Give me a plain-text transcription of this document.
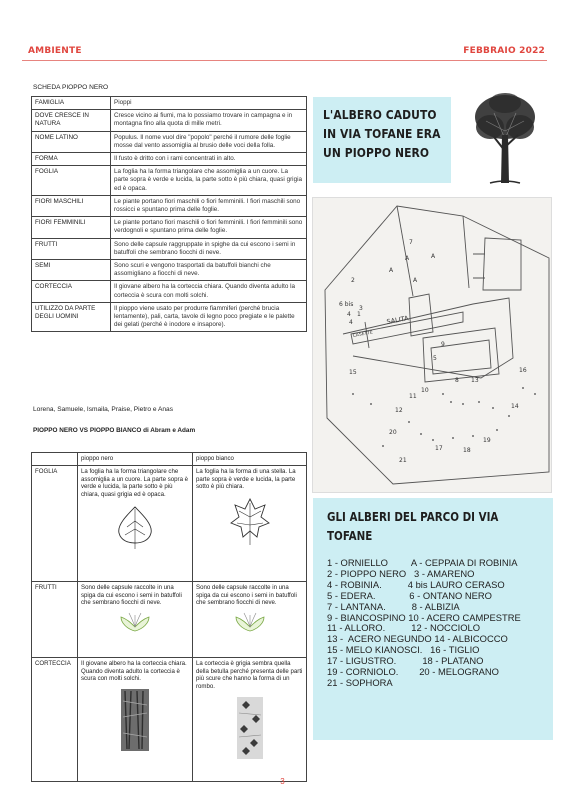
AMBIENTE	FEBBRAIO 2022
SCHEDA PIOPPO NERO
FAMIGLIA	Pioppi
DOVE CRESCE IN NATURA	Cresce vicino ai fiumi, ma lo possiamo trovare in campagna e in montagna fino alla quota di mille metri.
NOME LATINO	Populus. Il nome vuol dire "popolo" perché il rumore delle foglie mosse dal vento assomiglia al brusio delle voci della folla.
FORMA	Il fusto è dritto con i rami concentrati in alto.
FOGLIA	La foglia ha la forma triangolare che assomiglia a un cuore. La parte sopra è verde e lucida, la parte sotto è più chiara, quasi grigia ed è opaca.
FIORI MASCHILI	Le piante portano fiori maschili o fiori femminili. I fiori maschili sono rossicci e spuntano prima delle foglie.
FIORI FEMMINILI	Le piante portano fiori maschili o fiori femminili. I fiori femminili sono verdognoli e spuntano prima delle foglie.
FRUTTI	Sono delle capsule raggruppate in spighe da cui escono i semi in batuffoli che sembrano fiocchi di neve.
SEMI	Sono scuri e vengono trasportati da batuffoli bianchi che assomigliano a fiocchi di neve.
CORTECCIA	Il giovane albero ha la corteccia chiara. Quando diventa adulto la corteccia è scura con molti solchi.
UTILIZZO DA PARTE DEGLI UOMINI	Il pioppo viene usato per produrre fiammiferi (perché brucia lentamente), pali, carta, tavole di legno poco pregiate e le palette dei gelati (perché è inodore e insapore).
Lorena, Samuele, Ismaila, Praise, Pietro e Anas
PIOPPO NERO VS PIOPPO BIANCO di Abram e Adam
	pioppo nero	pioppo bianco
FOGLIA	La foglia ha la forma triangolare che assomiglia a un cuore. La parte sopra è verde e lucida, la parte sotto è più chiara, quasi grigia ed è opaca.	La foglia ha la forma di una stella. La parte sopra è verde e lucida, la parte sotto è più chiara.

FRUTTI	Sono delle capsule raccolte in una spiga da cui escono i semi in batuffoli che sembrano fiocchi di neve.	Sono delle capsule raccolte in una spiga da cui escono i semi in batuffoli che sembrano fiocchi di neve.

CORTECCIA	Il giovane albero ha la corteccia chiara. Quando diventa adulto la corteccia è scura con molti solchi.	La corteccia è grigia sembra quella della betulla perché presenta delle parti più scure che hanno la forma di un rombo.
L'ALBERO CADUTO
IN VIA TOFANE ERA
UN PIOPPO NERO
3
A
A
2	A
4
6 bis
4 1
5
8
16
10
11
12
13
14
15
17	18
19
20
21
7
9
A
SALITA
CASETTE
GLI ALBERI DEL PARCO DI VIA
TOFANE
1 - ORNIELLO         A - CEPPAIA DI ROBINIA
2 - PIOPPO NERO   3 - AMARENO
4 - ROBINIA.          4 bis LAURO CERASO
5 - EDERA.             6 - ONTANO NERO
7 - LANTANA.          8 - ALBIZIA
9 - BIANCOSPINO 10 - ACERO CAMPESTRE
11 - ALLORO.          12 - NOCCIOLO
13 -  ACERO NEGUNDO 14 - ALBICOCCO
15 - MELO KIANOSCI.   16 - TIGLIO
17 - LIGUSTRO.          18 - PLATANO
19 - CORNIOLO.        20 - MELOGRANO
21 - SOPHORA
3
